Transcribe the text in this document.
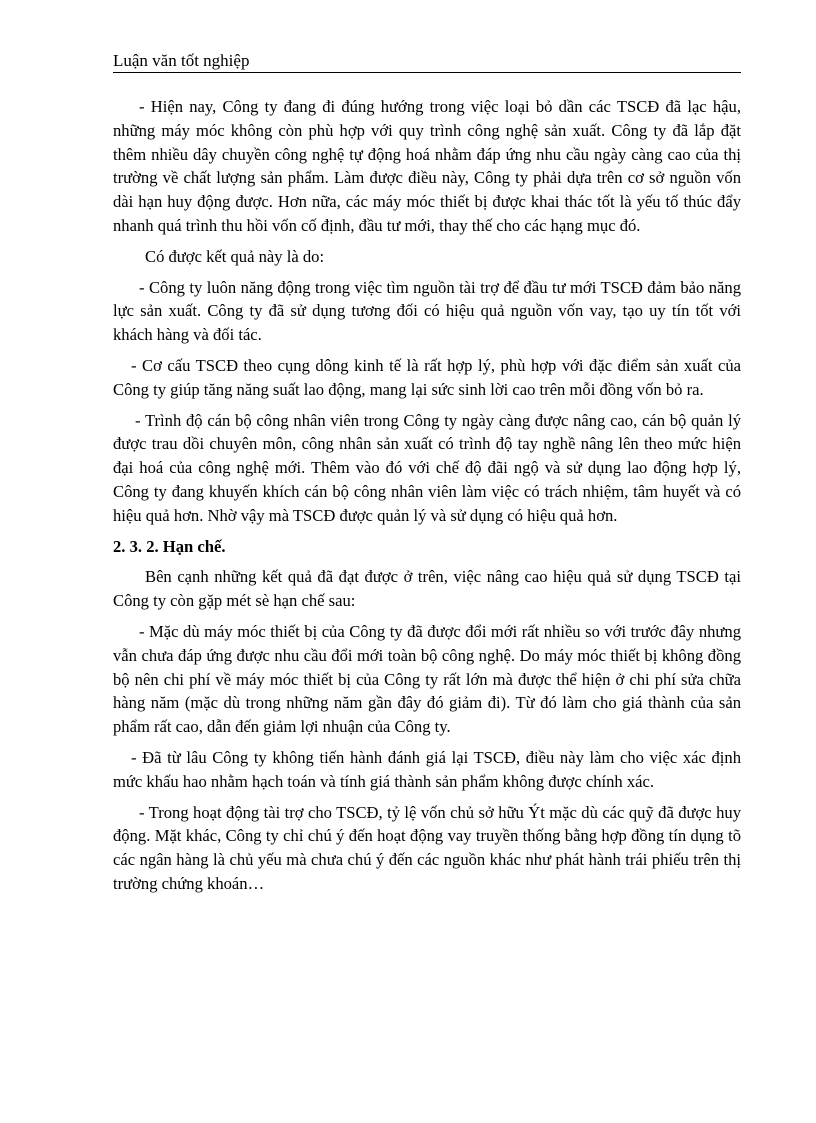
Luận văn tốt nghiệp

- Hiện nay, Công ty đang đi đúng hướng trong việc loại bỏ dần các TSCĐ đã lạc hậu, những máy móc không còn phù hợp với quy trình công nghệ sản xuất. Công ty đã lắp đặt thêm nhiều dây chuyền công nghệ tự động hoá nhằm đáp ứng nhu cầu ngày càng cao của thị trường về chất lượng sản phẩm. Làm được điều này, Công ty phải dựa trên cơ sở nguồn vốn dài hạn huy động được. Hơn nữa, các máy móc thiết bị được khai thác tốt là yếu tố thúc đẩy nhanh quá trình thu hồi vốn cố định, đầu tư mới, thay thế cho các hạng mục đó.

Có được kết quả này là do:

- Công ty luôn năng động trong việc tìm nguồn tài trợ để đầu tư mới TSCĐ đảm bảo năng lực sản xuất. Công ty đã sử dụng tương đối có hiệu quả nguồn vốn vay, tạo uy tín tốt với khách hàng và đối tác.

- Cơ cấu TSCĐ theo cụng dông kinh tế là rất hợp lý, phù hợp với đặc điểm sản xuất của Công ty giúp tăng năng suất lao động, mang lại sức sinh lời cao trên mỗi đồng vốn bỏ ra.

- Trình độ cán bộ công nhân viên trong Công ty ngày càng được nâng cao, cán bộ quản lý được trau dồi chuyên môn, công nhân sản xuất có trình độ tay nghề nâng lên theo mức hiện đại hoá của công nghệ mới. Thêm vào đó với chế độ đãi ngộ và sử dụng lao động hợp lý, Công ty đang khuyến khích cán bộ công nhân viên làm việc có trách nhiệm, tâm huyết và có hiệu quả hơn. Nhờ vậy mà TSCĐ được quản lý và sử dụng có hiệu quả hơn.

2. 3. 2. Hạn chế.

Bên cạnh những kết quả đã đạt được ở trên, việc nâng cao hiệu quả sử dụng TSCĐ tại Công ty còn gặp mét sè hạn chế sau:

- Mặc dù máy móc thiết bị của Công ty đã được đổi mới rất nhiều so với trước đây nhưng vẫn chưa đáp ứng được nhu cầu đổi mới toàn bộ công nghệ. Do máy móc thiết bị không đồng bộ nên chi phí về máy móc thiết bị của Công ty rất lớn mà được thể hiện ở chi phí sửa chữa hàng năm (mặc dù trong những năm gần đây đó giảm đi). Từ đó làm cho giá thành của sản phẩm rất cao, dẫn đến giảm lợi nhuận của Công ty.

- Đã từ lâu Công ty không tiến hành đánh giá lại TSCĐ, điều này làm cho việc xác định mức khấu hao nhằm hạch toán và tính giá thành sản phẩm không được chính xác.

- Trong hoạt động tài trợ cho TSCĐ, tỷ lệ vốn chủ sở hữu Ýt mặc dù các quỹ đã được huy động. Mặt khác, Công ty chỉ chú ý đến hoạt động vay truyền thống bằng hợp đồng tín dụng tõ các ngân hàng là chủ yếu mà chưa chú ý đến các nguồn khác như phát hành trái phiếu trên thị trường chứng khoán…
